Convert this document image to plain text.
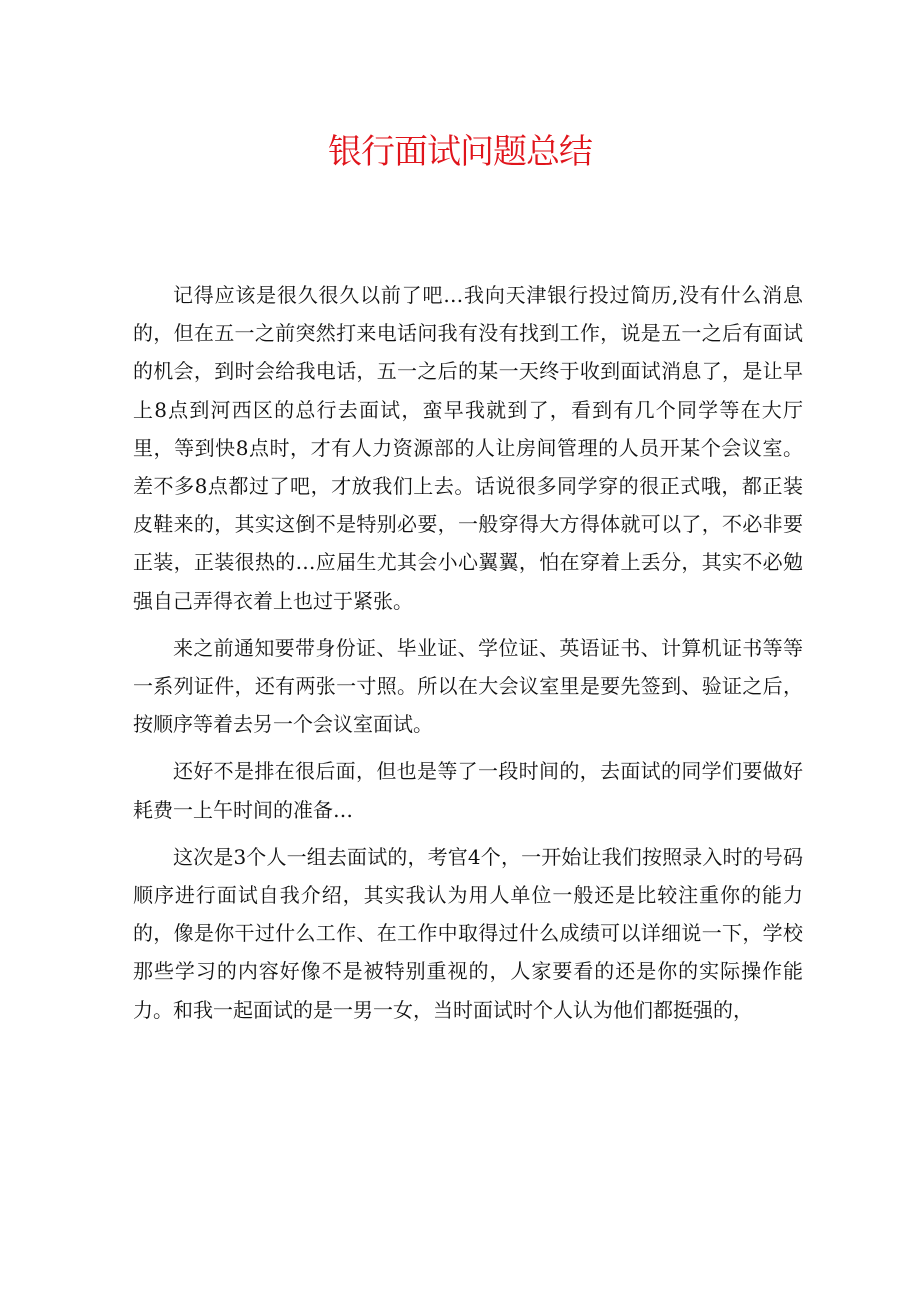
银行面试问题总结

记得应该是很久很久以前了吧…我向天津银行投过简历,没有什么消息的，但在五一之前突然打来电话问我有没有找到工作，说是五一之后有面试的机会，到时会给我电话，五一之后的某一天终于收到面试消息了，是让早上8点到河西区的总行去面试，蛮早我就到了，看到有几个同学等在大厅里，等到快8点时，才有人力资源部的人让房间管理的人员开某个会议室。差不多8点都过了吧，才放我们上去。话说很多同学穿的很正式哦，都正装皮鞋来的，其实这倒不是特别必要，一般穿得大方得体就可以了，不必非要正装，正装很热的…应届生尤其会小心翼翼，怕在穿着上丢分，其实不必勉强自己弄得衣着上也过于紧张。

来之前通知要带身份证、毕业证、学位证、英语证书、计算机证书等等一系列证件，还有两张一寸照。所以在大会议室里是要先签到、验证之后，按顺序等着去另一个会议室面试。

还好不是排在很后面，但也是等了一段时间的，去面试的同学们要做好耗费一上午时间的准备…

这次是3个人一组去面试的，考官4个，一开始让我们按照录入时的号码顺序进行面试自我介绍，其实我认为用人单位一般还是比较注重你的能力的，像是你干过什么工作、在工作中取得过什么成绩可以详细说一下，学校那些学习的内容好像不是被特别重视的，人家要看的还是你的实际操作能力。和我一起面试的是一男一女，当时面试时个人认为他们都挺强的，
